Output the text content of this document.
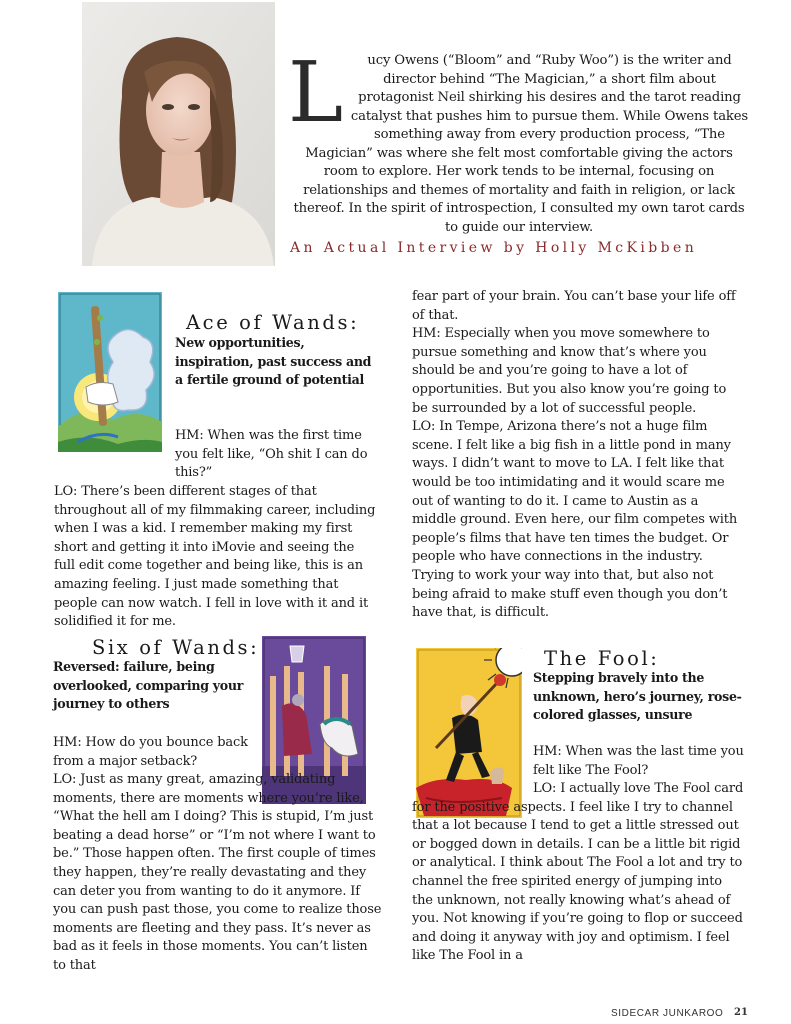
L ucy Owens (“Bloom” and “Ruby Woo”) is the writer and director behind “The Magician,” a short film about protagonist Neil shirking his desires and the tarot reading catalyst that pushes him to pursue them. While Owens takes something away from every production process, “The Magician” was where she felt most comfortable giving the actors room to explore. Her work tends to be internal, focusing on relationships and themes of mortality and faith in religion, or lack thereof. In the spirit of introspection, I consulted my own tarot cards to guide our interview.
An Actual Interview by Holly McKibben
Ace of Wands:
New opportunities, inspiration, past success and a fertile ground of potential
HM: When was the first time you felt like, “Oh shit I can do this?”
LO: There’s been different stages of that throughout all of my filmmaking career, including when I was a kid. I remember making my first short and getting it into iMovie and seeing the full edit come together and being like, this is an amazing feeling. I just made something that people can now watch. I fell in love with it and it solidified it for me.

fear part of your brain. You can’t base your life off of that.

HM: Especially when you move somewhere to pursue something and know that’s where you should be and you’re going to have a lot of opportunities. But you also know you’re going to be surrounded by a lot of successful people.

LO: In Tempe, Arizona there’s not a huge film scene. I felt like a big fish in a little pond in many ways. I didn’t want to move to LA. I felt like that would be too intimidating and it would scare me out of wanting to do it. I came to Austin as a middle ground. Even here, our film competes with people’s films that have ten times the budget. Or people who have connections in the industry. Trying to work your way into that, but also not being afraid to make stuff even though you don’t have that, is difficult.

Six of Wands:
Reversed: failure, being overlooked, comparing your journey to others
HM: How do you bounce back from a major setback?
LO: Just as many great, amazing, validating moments, there are moments where you’re like, “What the hell am I doing? This is stupid, I’m just beating a dead horse” or “I’m not where I want to be.” Those happen often. The first couple of times they happen, they’re really devastating and they can deter you from wanting to do it anymore. If you can push past those, you come to realize those moments are fleeting and they pass. It’s never as bad as it feels in those moments. You can’t listen to that
The Fool:
Stepping bravely into the unknown, hero’s journey, rose-colored glasses, unsure
HM: When was the last time you felt like The Fool?
LO: I actually love The Fool card for the positive aspects. I feel like I try to channel that a lot because I tend to get a little stressed out or bogged down in details. I can be a little bit rigid or analytical. I think about The Fool a lot and try to channel the free spirited energy of jumping into the unknown, not really knowing what’s ahead of you. Not knowing if you’re going to flop or succeed and doing it anyway with joy and optimism. I feel like The Fool in a
SIDECAR JUNKAROO 21
